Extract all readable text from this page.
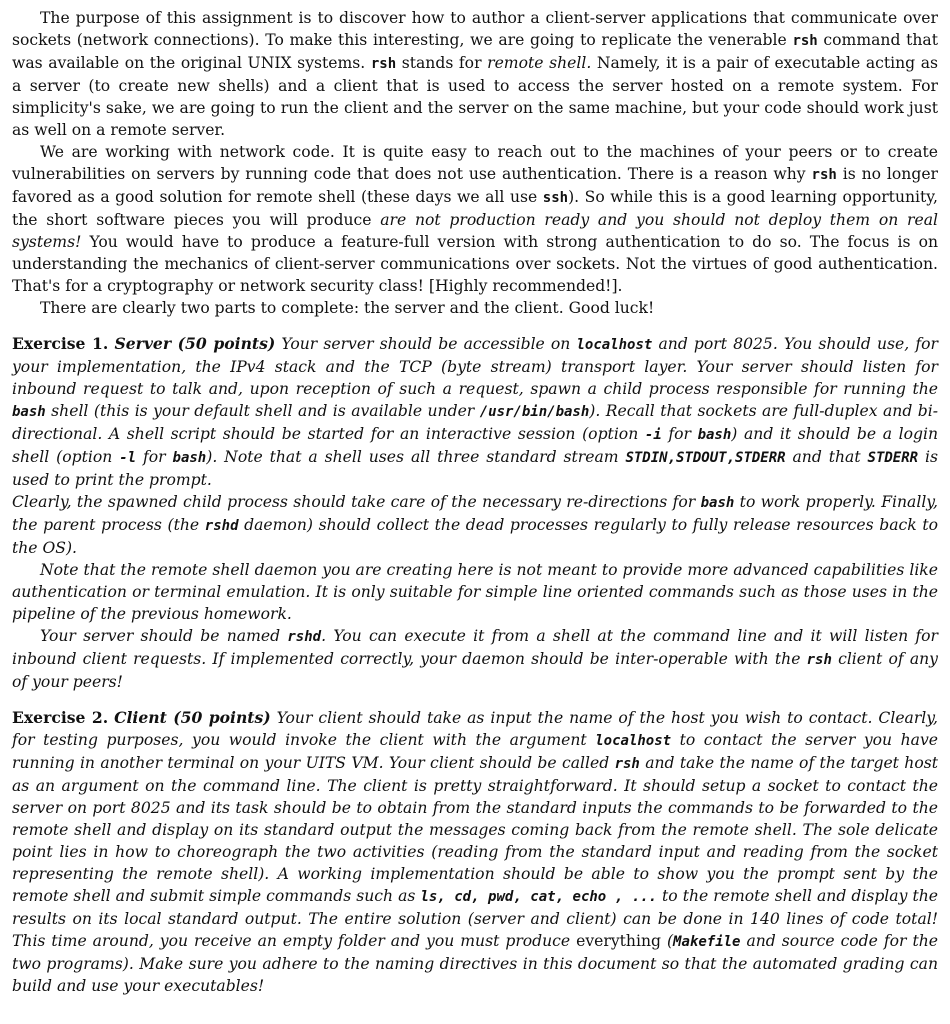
The purpose of this assignment is to discover how to author a client-server applications that communicate over sockets (network connections). To make this interesting, we are going to replicate the venerable rsh command that was available on the original UNIX systems. rsh stands for remote shell. Namely, it is a pair of executable acting as a server (to create new shells) and a client that is used to access the server hosted on a remote system. For simplicity's sake, we are going to run the client and the server on the same machine, but your code should work just as well on a remote server.

We are working with network code. It is quite easy to reach out to the machines of your peers or to create vulnerabilities on servers by running code that does not use authentication. There is a reason why rsh is no longer favored as a good solution for remote shell (these days we all use ssh). So while this is a good learning opportunity, the short software pieces you will produce are not production ready and you should not deploy them on real systems! You would have to produce a feature-full version with strong authentication to do so. The focus is on understanding the mechanics of client-server communications over sockets. Not the virtues of good authentication. That's for a cryptography or network security class! [Highly recommended!].

There are clearly two parts to complete: the server and the client. Good luck!

Exercise 1. Server (50 points) Your server should be accessible on localhost and port 8025. You should use, for your implementation, the IPv4 stack and the TCP (byte stream) transport layer. Your server should listen for inbound request to talk and, upon reception of such a request, spawn a child process responsible for running the bash shell (this is your default shell and is available under /usr/bin/bash). Recall that sockets are full-duplex and bi-directional. A shell script should be started for an interactive session (option -i for bash) and it should be a login shell (option -l for bash). Note that a shell uses all three standard stream STDIN,STDOUT,STDERR and that STDERR is used to print the prompt.

Clearly, the spawned child process should take care of the necessary re-directions for bash to work properly. Finally, the parent process (the rshd daemon) should collect the dead processes regularly to fully release resources back to the OS).

Note that the remote shell daemon you are creating here is not meant to provide more advanced capabilities like authentication or terminal emulation. It is only suitable for simple line oriented commands such as those uses in the pipeline of the previous homework.

Your server should be named rshd. You can execute it from a shell at the command line and it will listen for inbound client requests. If implemented correctly, your daemon should be inter-operable with the rsh client of any of your peers!

Exercise 2. Client (50 points) Your client should take as input the name of the host you wish to contact. Clearly, for testing purposes, you would invoke the client with the argument localhost to contact the server you have running in another terminal on your UITS VM. Your client should be called rsh and take the name of the target host as an argument on the command line. The client is pretty straightforward. It should setup a socket to contact the server on port 8025 and its task should be to obtain from the standard inputs the commands to be forwarded to the remote shell and display on its standard output the messages coming back from the remote shell. The sole delicate point lies in how to choreograph the two activities (reading from the standard input and reading from the socket representing the remote shell). A working implementation should be able to show you the prompt sent by the remote shell and submit simple commands such as ls, cd, pwd, cat, echo , ... to the remote shell and display the results on its local standard output. The entire solution (server and client) can be done in 140 lines of code total! This time around, you receive an empty folder and you must produce everything (Makefile and source code for the two programs). Make sure you adhere to the naming directives in this document so that the automated grading can build and use your executables!
